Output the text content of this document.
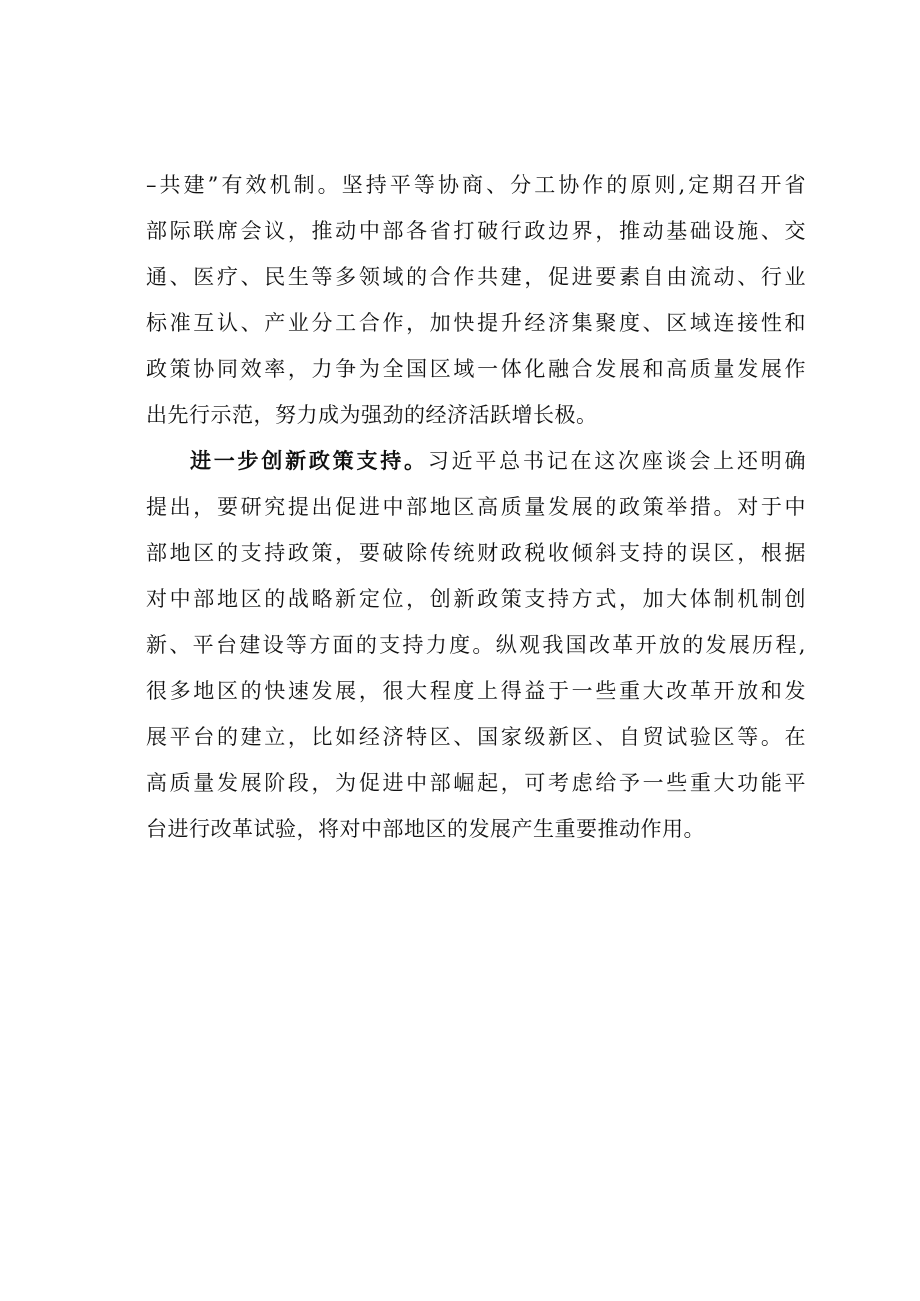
–共建”有效机制。坚持平等协商、分工协作的原则,定期召开省
部际联席会议，推动中部各省打破行政边界，推动基础设施、交
通、医疗、民生等多领域的合作共建，促进要素自由流动、行业
标准互认、产业分工合作，加快提升经济集聚度、区域连接性和
政策协同效率，力争为全国区域一体化融合发展和高质量发展作
出先行示范，努力成为强劲的经济活跃增长极。
进一步创新政策支持。习近平总书记在这次座谈会上还明确
提出，要研究提出促进中部地区高质量发展的政策举措。对于中
部地区的支持政策，要破除传统财政税收倾斜支持的误区，根据
对中部地区的战略新定位，创新政策支持方式，加大体制机制创
新、平台建设等方面的支持力度。纵观我国改革开放的发展历程,
很多地区的快速发展，很大程度上得益于一些重大改革开放和发
展平台的建立，比如经济特区、国家级新区、自贸试验区等。在
高质量发展阶段，为促进中部崛起，可考虑给予一些重大功能平
台进行改革试验，将对中部地区的发展产生重要推动作用。
